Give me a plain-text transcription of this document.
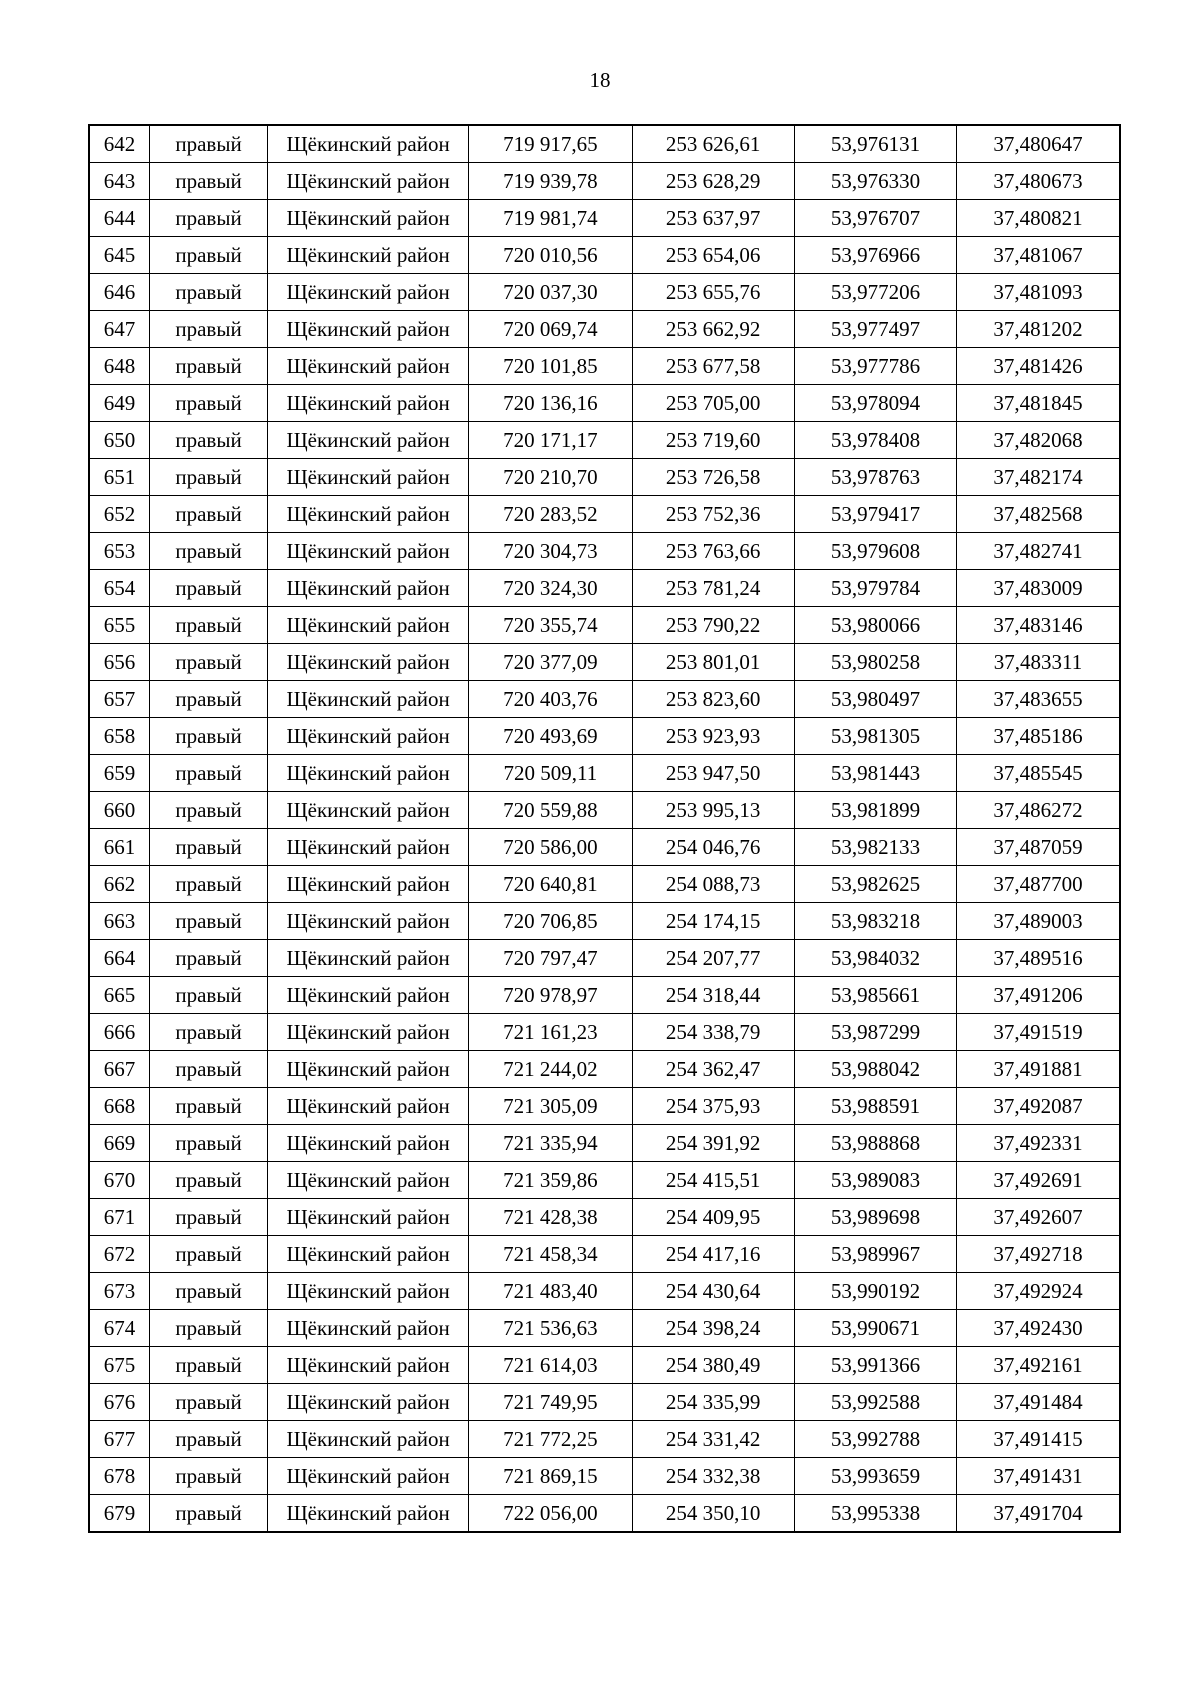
18
642	правый	Щёкинский район	719 917,65	253 626,61	53,976131	37,480647
643	правый	Щёкинский район	719 939,78	253 628,29	53,976330	37,480673
644	правый	Щёкинский район	719 981,74	253 637,97	53,976707	37,480821
645	правый	Щёкинский район	720 010,56	253 654,06	53,976966	37,481067
646	правый	Щёкинский район	720 037,30	253 655,76	53,977206	37,481093
647	правый	Щёкинский район	720 069,74	253 662,92	53,977497	37,481202
648	правый	Щёкинский район	720 101,85	253 677,58	53,977786	37,481426
649	правый	Щёкинский район	720 136,16	253 705,00	53,978094	37,481845
650	правый	Щёкинский район	720 171,17	253 719,60	53,978408	37,482068
651	правый	Щёкинский район	720 210,70	253 726,58	53,978763	37,482174
652	правый	Щёкинский район	720 283,52	253 752,36	53,979417	37,482568
653	правый	Щёкинский район	720 304,73	253 763,66	53,979608	37,482741
654	правый	Щёкинский район	720 324,30	253 781,24	53,979784	37,483009
655	правый	Щёкинский район	720 355,74	253 790,22	53,980066	37,483146
656	правый	Щёкинский район	720 377,09	253 801,01	53,980258	37,483311
657	правый	Щёкинский район	720 403,76	253 823,60	53,980497	37,483655
658	правый	Щёкинский район	720 493,69	253 923,93	53,981305	37,485186
659	правый	Щёкинский район	720 509,11	253 947,50	53,981443	37,485545
660	правый	Щёкинский район	720 559,88	253 995,13	53,981899	37,486272
661	правый	Щёкинский район	720 586,00	254 046,76	53,982133	37,487059
662	правый	Щёкинский район	720 640,81	254 088,73	53,982625	37,487700
663	правый	Щёкинский район	720 706,85	254 174,15	53,983218	37,489003
664	правый	Щёкинский район	720 797,47	254 207,77	53,984032	37,489516
665	правый	Щёкинский район	720 978,97	254 318,44	53,985661	37,491206
666	правый	Щёкинский район	721 161,23	254 338,79	53,987299	37,491519
667	правый	Щёкинский район	721 244,02	254 362,47	53,988042	37,491881
668	правый	Щёкинский район	721 305,09	254 375,93	53,988591	37,492087
669	правый	Щёкинский район	721 335,94	254 391,92	53,988868	37,492331
670	правый	Щёкинский район	721 359,86	254 415,51	53,989083	37,492691
671	правый	Щёкинский район	721 428,38	254 409,95	53,989698	37,492607
672	правый	Щёкинский район	721 458,34	254 417,16	53,989967	37,492718
673	правый	Щёкинский район	721 483,40	254 430,64	53,990192	37,492924
674	правый	Щёкинский район	721 536,63	254 398,24	53,990671	37,492430
675	правый	Щёкинский район	721 614,03	254 380,49	53,991366	37,492161
676	правый	Щёкинский район	721 749,95	254 335,99	53,992588	37,491484
677	правый	Щёкинский район	721 772,25	254 331,42	53,992788	37,491415
678	правый	Щёкинский район	721 869,15	254 332,38	53,993659	37,491431
679	правый	Щёкинский район	722 056,00	254 350,10	53,995338	37,491704
